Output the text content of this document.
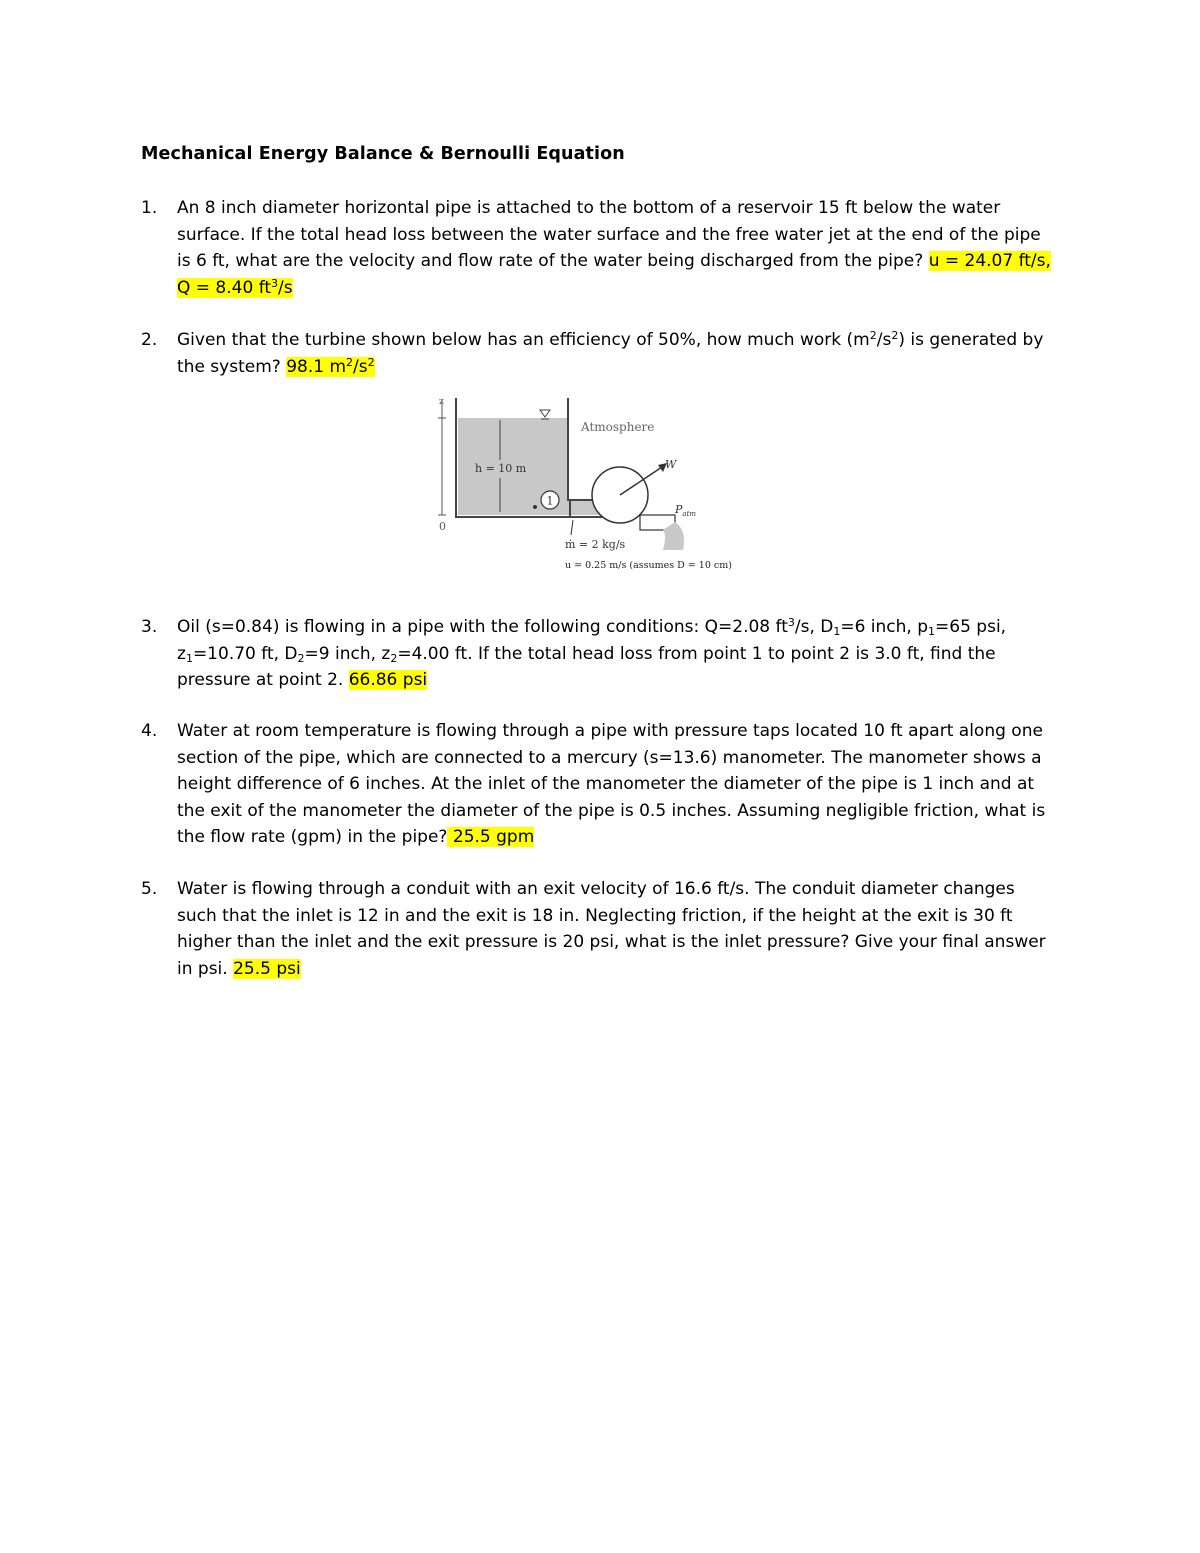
Mechanical Energy Balance & Bernoulli Equation
1. An 8 inch diameter horizontal pipe is attached to the bottom of a reservoir 15 ft below the water surface. If the total head loss between the water surface and the free water jet at the end of the pipe is 6 ft, what are the velocity and flow rate of the water being discharged from the pipe? u = 24.07 ft/s, Q = 8.40 $ft^3/s$
2. Given that the turbine shown below has an efficiency of 50%, how much work $(m^2/s^2)$ is generated by the system? 98.1 $m^2/s^2$
z
0
h = 10 m
1
W
$P_{atm}$
ṁ = 2 kg/s
Atmosphere
u = 0.25 m/s (assumes D = 10 cm)
3. Oil (s=0.84) is flowing in a pipe with the following conditions: Q=2.08 $ft^3/s$, $D_1=6$ inch, $p_1=65$ psi, $z_1=10.70$ ft, $D_2=9$ inch, $z_2=4.00$ ft. If the total head loss from point 1 to point 2 is 3.0 ft, find the pressure at point 2. 66.86 psi
4. Water at room temperature is flowing through a pipe with pressure taps located 10 ft apart along one section of the pipe, which are connected to a mercury (s=13.6) manometer. The manometer shows a height difference of 6 inches. At the inlet of the manometer the diameter of the pipe is 1 inch and at the exit of the manometer the diameter of the pipe is 0.5 inches. Assuming negligible friction, what is the flow rate (gpm) in the pipe? 25.5 gpm
5. Water is flowing through a conduit with an exit velocity of 16.6 ft/s. The conduit diameter changes such that the inlet is 12 in and the exit is 18 in. Neglecting friction, if the height at the exit is 30 ft higher than the inlet and the exit pressure is 20 psi, what is the inlet pressure? Give your final answer in psi. 25.5 psi
